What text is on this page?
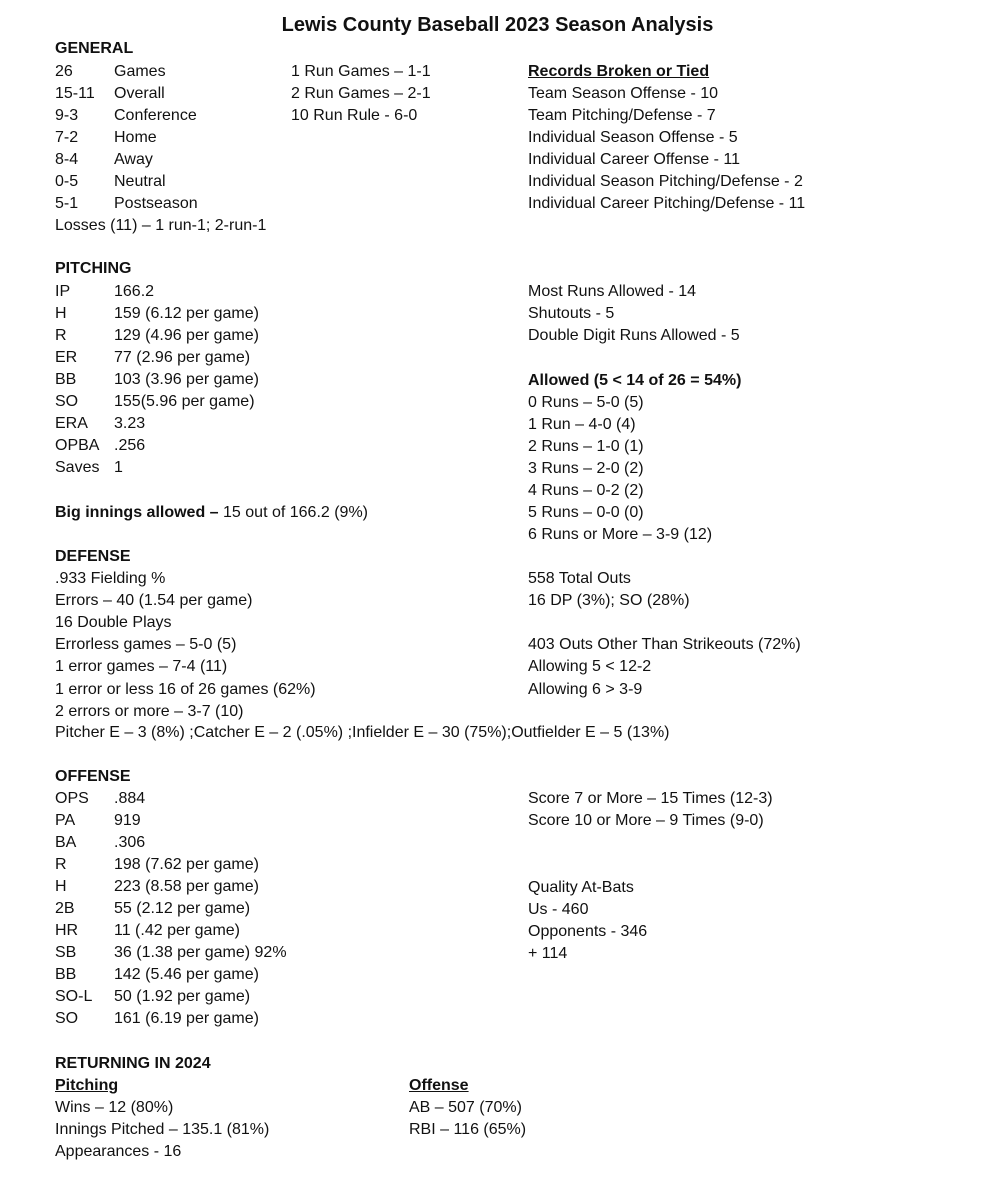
Lewis County Baseball 2023 Season Analysis
GENERAL
26	Games
15-11 Overall
9-3 Conference
7-2 Home
8-4 Away
0-5 Neutral
5-1 Postseason
Losses (11) – 1 run-1; 2-run-1
1 Run Games – 1-1
2 Run Games – 2-1
10 Run Rule - 6-0
Records Broken or Tied
Team Season Offense - 10
Team Pitching/Defense - 7
Individual Season Offense - 5
Individual Career Offense - 11
Individual Season Pitching/Defense - 2
Individual Career Pitching/Defense - 11
PITCHING
IP	166.2
H	159 (6.12 per game)
R	129 (4.96 per game)
ER 77 (2.96 per game)
BB 103 (3.96 per game)
SO 155(5.96 per game)
ERA 3.23
OPBA .256
Saves 1
Big innings allowed – 15 out of 166.2 (9%)
Most Runs Allowed - 14
Shutouts - 5
Double Digit Runs Allowed - 5
Allowed (5 < 14 of 26 = 54%)
0 Runs – 5-0 (5)
1 Run – 4-0 (4)
2 Runs – 1-0 (1)
3 Runs – 2-0 (2)
4 Runs – 0-2 (2)
5 Runs – 0-0 (0)
6 Runs or More – 3-9 (12)
DEFENSE
.933 Fielding %
Errors – 40 (1.54 per game)
16 Double Plays
Errorless games – 5-0 (5)
1 error games – 7-4 (11)
1 error or less 16 of 26 games (62%)
2 errors or more – 3-7 (10)
Pitcher E – 3 (8%) ;Catcher E – 2 (.05%) ;Infielder E – 30 (75%);Outfielder E – 5 (13%)
558 Total Outs
16 DP (3%); SO (28%)
403 Outs Other Than Strikeouts (72%)
Allowing 5 < 12-2
Allowing 6 > 3-9
OFFENSE
OPS .884
PA 919
BA .306
R	198 (7.62 per game)
H	223 (8.58 per game)
2B 55 (2.12 per game)
HR 11 (.42 per game)
SB 36 (1.38 per game) 92%
BB 142 (5.46 per game)
SO-L 50 (1.92 per game)
SO 161 (6.19 per game)
Score 7 or More – 15 Times (12-3)
Score 10 or More – 9 Times (9-0)
Quality At-Bats
Us - 460
Opponents - 346
+ 114
RETURNING IN 2024
Pitching
Wins – 12 (80%)
Innings Pitched – 135.1 (81%)
Appearances - 16
Offense
AB – 507 (70%)
RBI – 116 (65%)
